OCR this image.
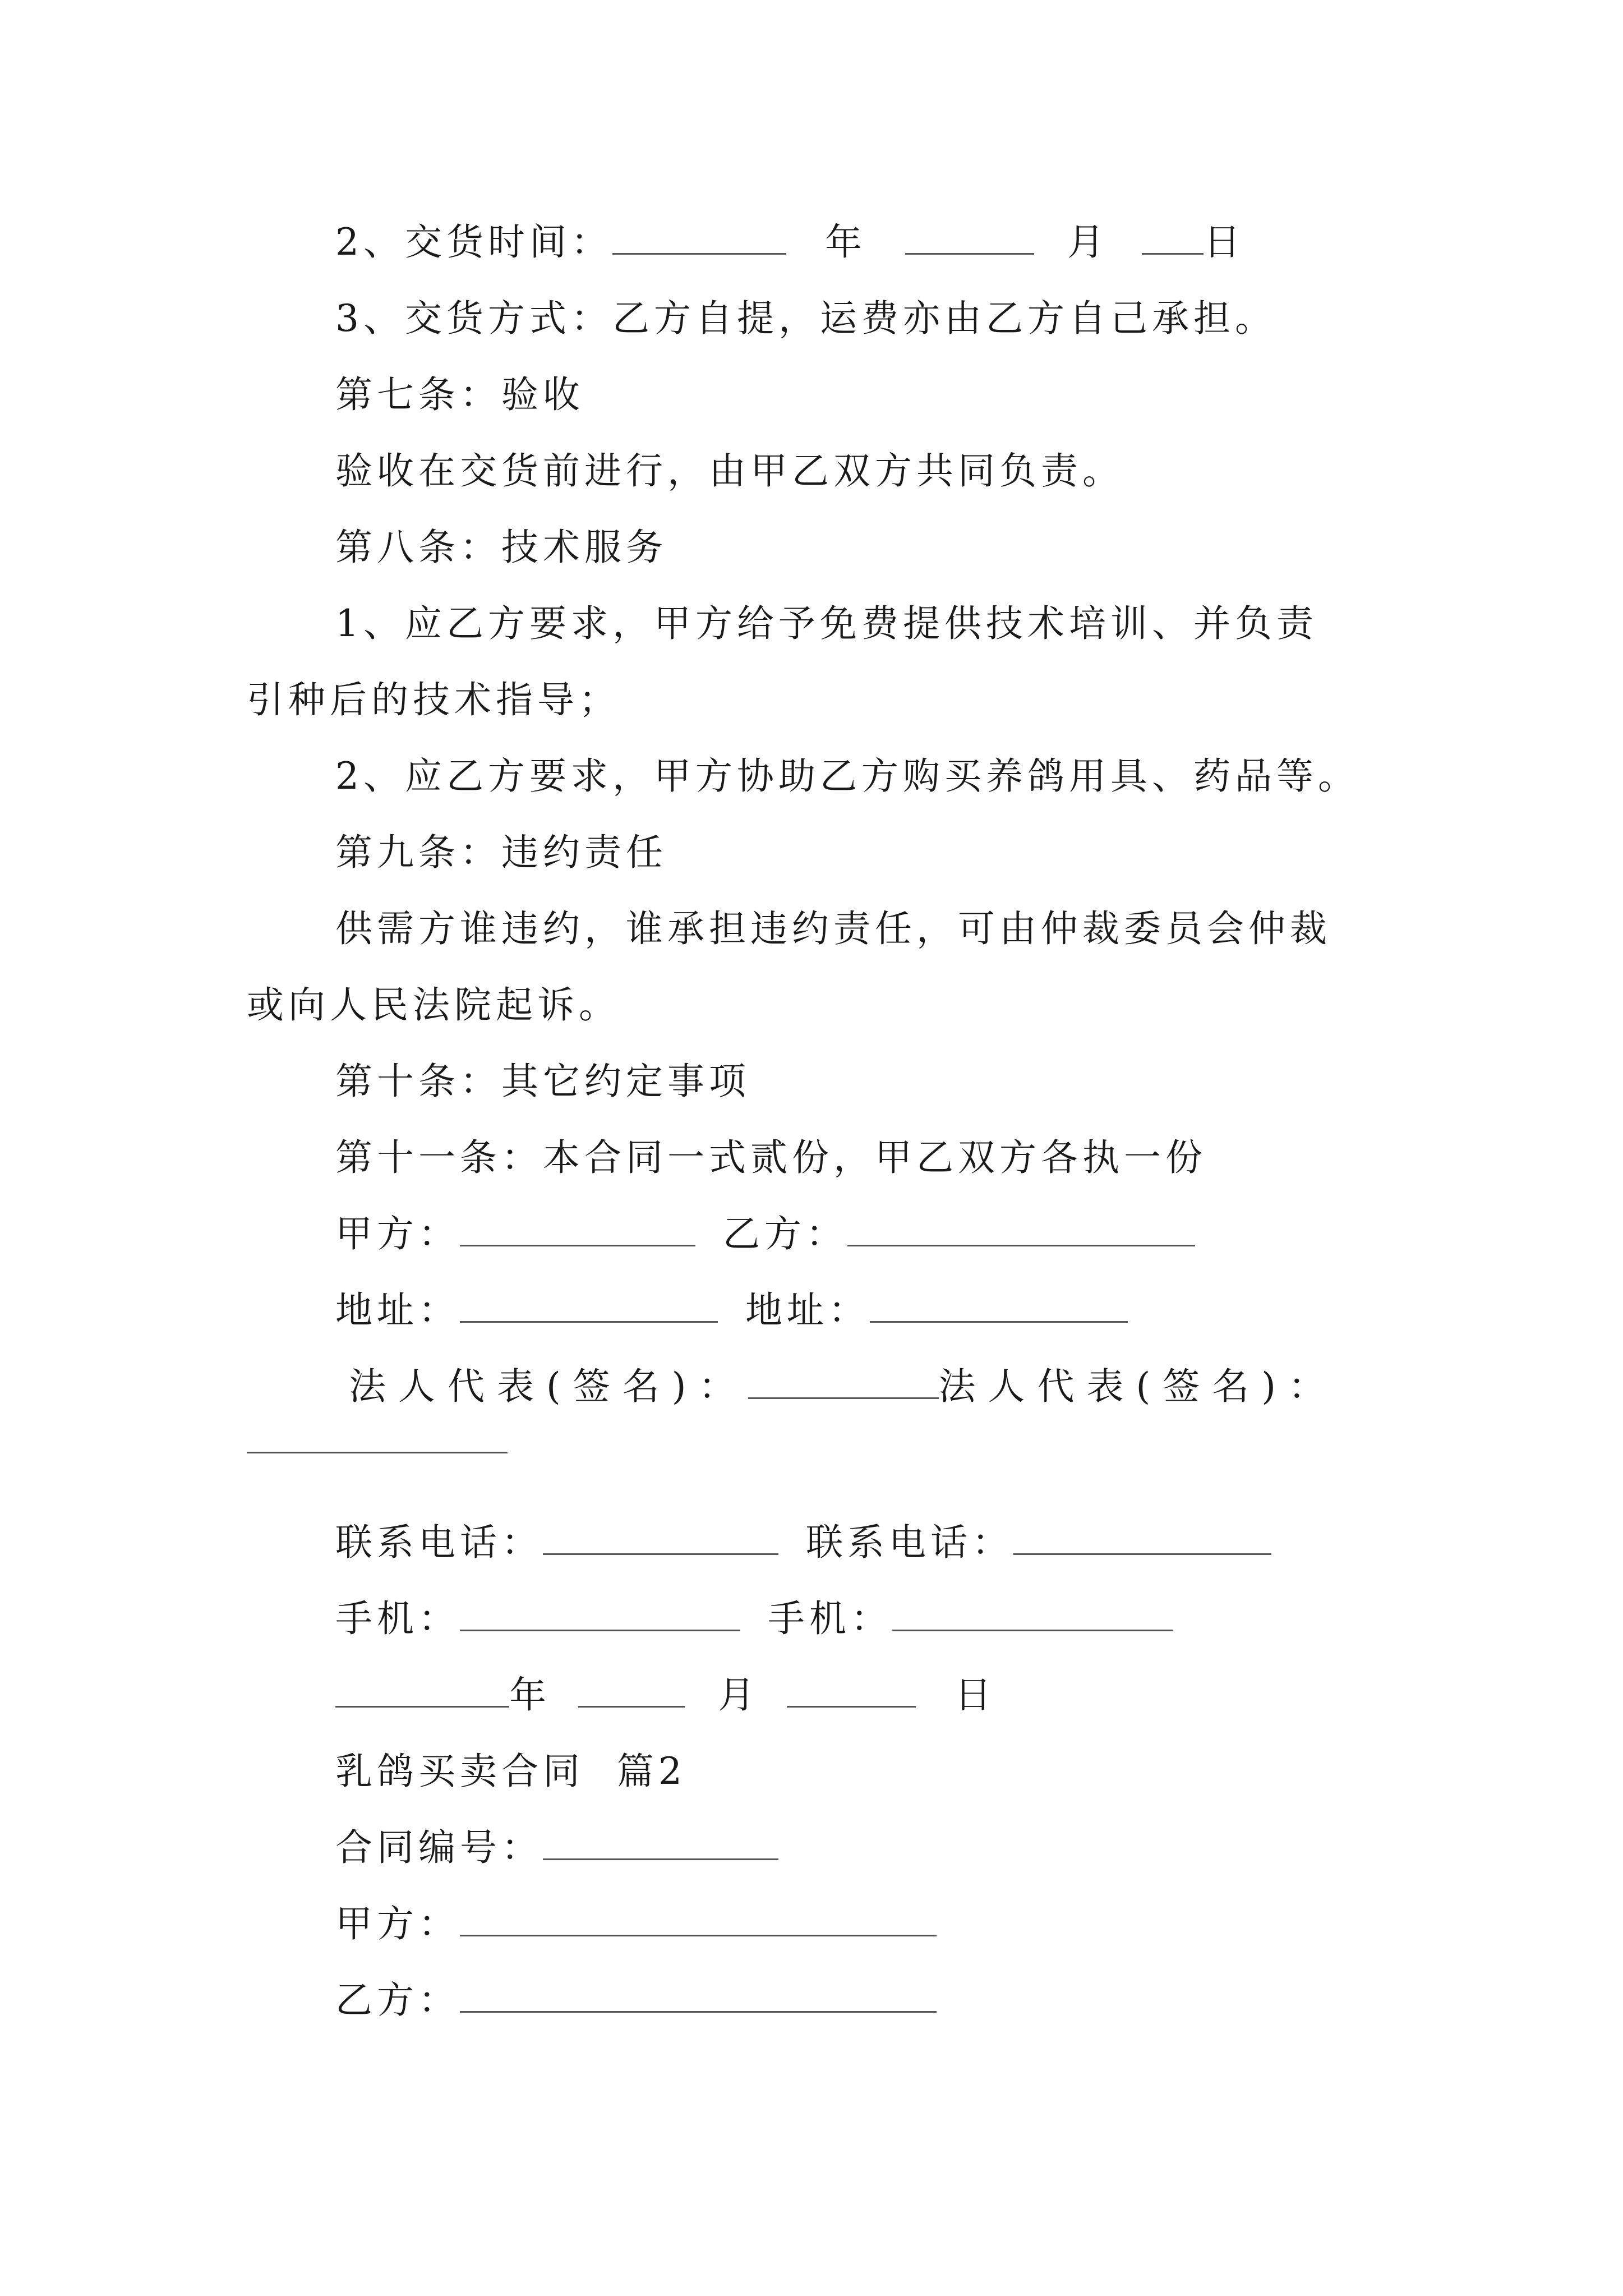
2、交货时间：	年	月	日
3、交货方式：乙方自提，运费亦由乙方自己承担。
第七条：验收
验收在交货前进行，由甲乙双方共同负责。
第八条：技术服务
1、应乙方要求，甲方给予免费提供技术培训、并负责
引种后的技术指导；
2、应乙方要求，甲方协助乙方购买养鸽用具、药品等。
第九条：违约责任
供需方谁违约，谁承担违约责任，可由仲裁委员会仲裁
或向人民法院起诉。
第十条：其它约定事项
第十一条：本合同一式贰份，甲乙双方各执一份
甲方：	乙方：
地址：	地址：
法人代表(签名)：	法人代表(签名)：
联系电话：	联系电话：
手机：	手机：
年	月	日
乳鸽买卖合同  篇2
合同编号：
甲方：
乙方：
